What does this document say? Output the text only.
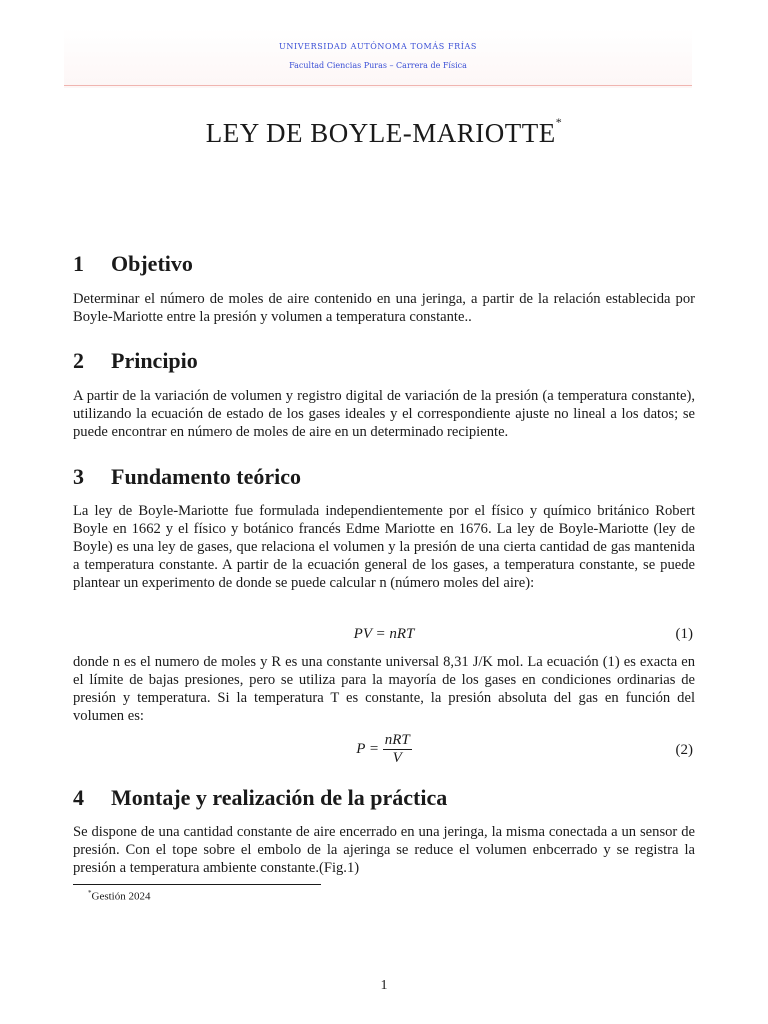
UNIVERSIDAD AUTÓNOMA TOMÁS FRÍAS
Facultad Ciencias Puras – Carrera de Física
LEY DE BOYLE-MARIOTTE*
1 Objetivo
Determinar el número de moles de aire contenido en una jeringa, a partir de la relación establecida por Boyle-Mariotte entre la presión y volumen a temperatura constante..
2 Principio
A partir de la variación de volumen y registro digital de variación de la presión (a temperatura constante), utilizando la ecuación de estado de los gases ideales y el correspondiente ajuste no lineal a los datos; se puede encontrar en número de moles de aire en un determinado recipiente.
3 Fundamento teórico
La ley de Boyle-Mariotte fue formulada independientemente por el físico y químico británico Robert Boyle en 1662 y el físico y botánico francés Edme Mariotte en 1676. La ley de Boyle-Mariotte (ley de Boyle) es una ley de gases, que relaciona el volumen y la presión de una cierta cantidad de gas mantenida a temperatura constante. A partir de la ecuación general de los gases, a temperatura constante, se puede plantear un experimento de donde se puede calcular n (número moles del aire):
PV = nRT	(1)
donde n es el numero de moles y R es una constante universal 8,31 J/K mol. La ecuación (1) es exacta en el límite de bajas presiones, pero se utiliza para la mayoría de los gases en condiciones ordinarias de presión y temperatura. Si la temperatura T es constante, la presión absoluta del gas en función del volumen es:
$P = \frac{\text{nRT}}{V}$	(2)
4 Montaje y realización de la práctica
Se dispone de una cantidad constante de aire encerrado en una jeringa, la misma conectada a un sensor de presión. Con el tope sobre el embolo de la ajeringa se reduce el volumen enbcerrado y se registra la presión a temperatura ambiente constante.(Fig.1)
*Gestión 2024
1
